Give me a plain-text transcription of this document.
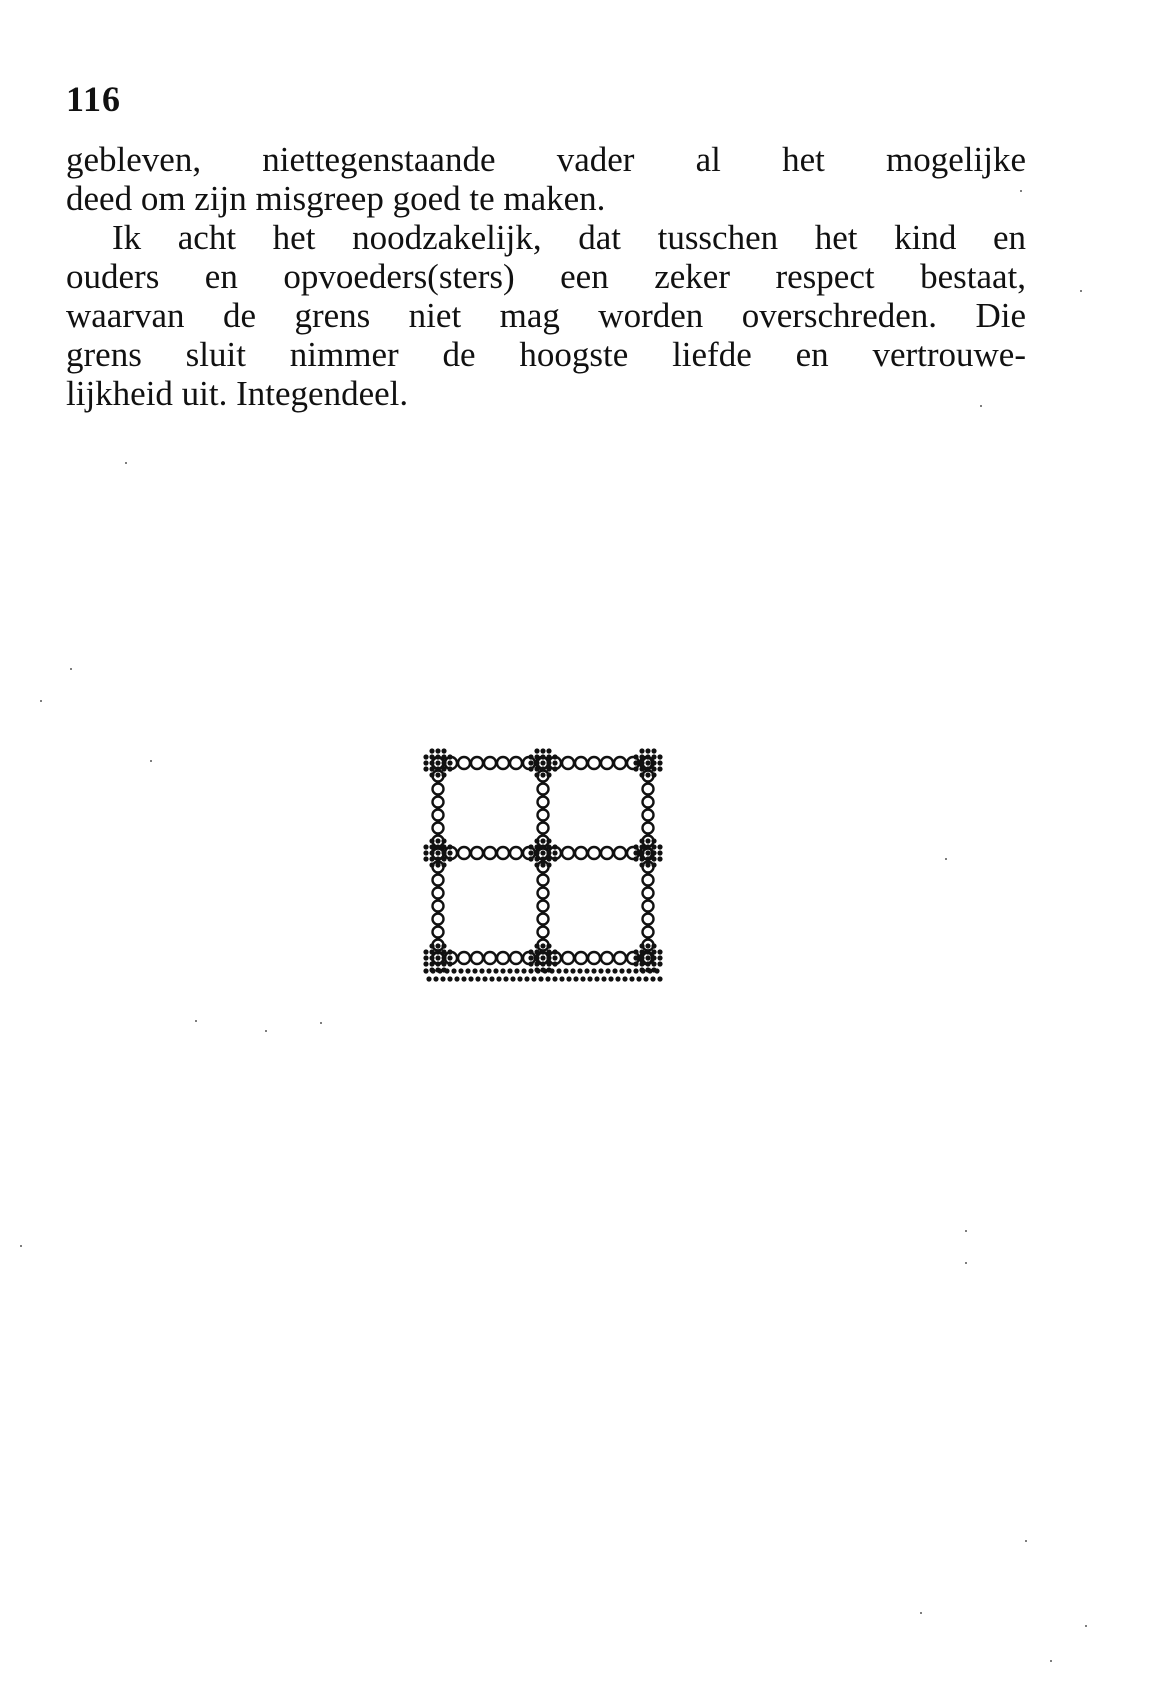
116
gebleven, niettegenstaande vader al het mogelijke
deed om zijn misgreep goed te maken.
Ik acht het noodzakelijk, dat tusschen het kind en
ouders en opvoeders(sters) een zeker respect bestaat,
waarvan de grens niet mag worden overschreden. Die
grens sluit nimmer de hoogste liefde en vertrouwe-
lijkheid uit. Integendeel.
